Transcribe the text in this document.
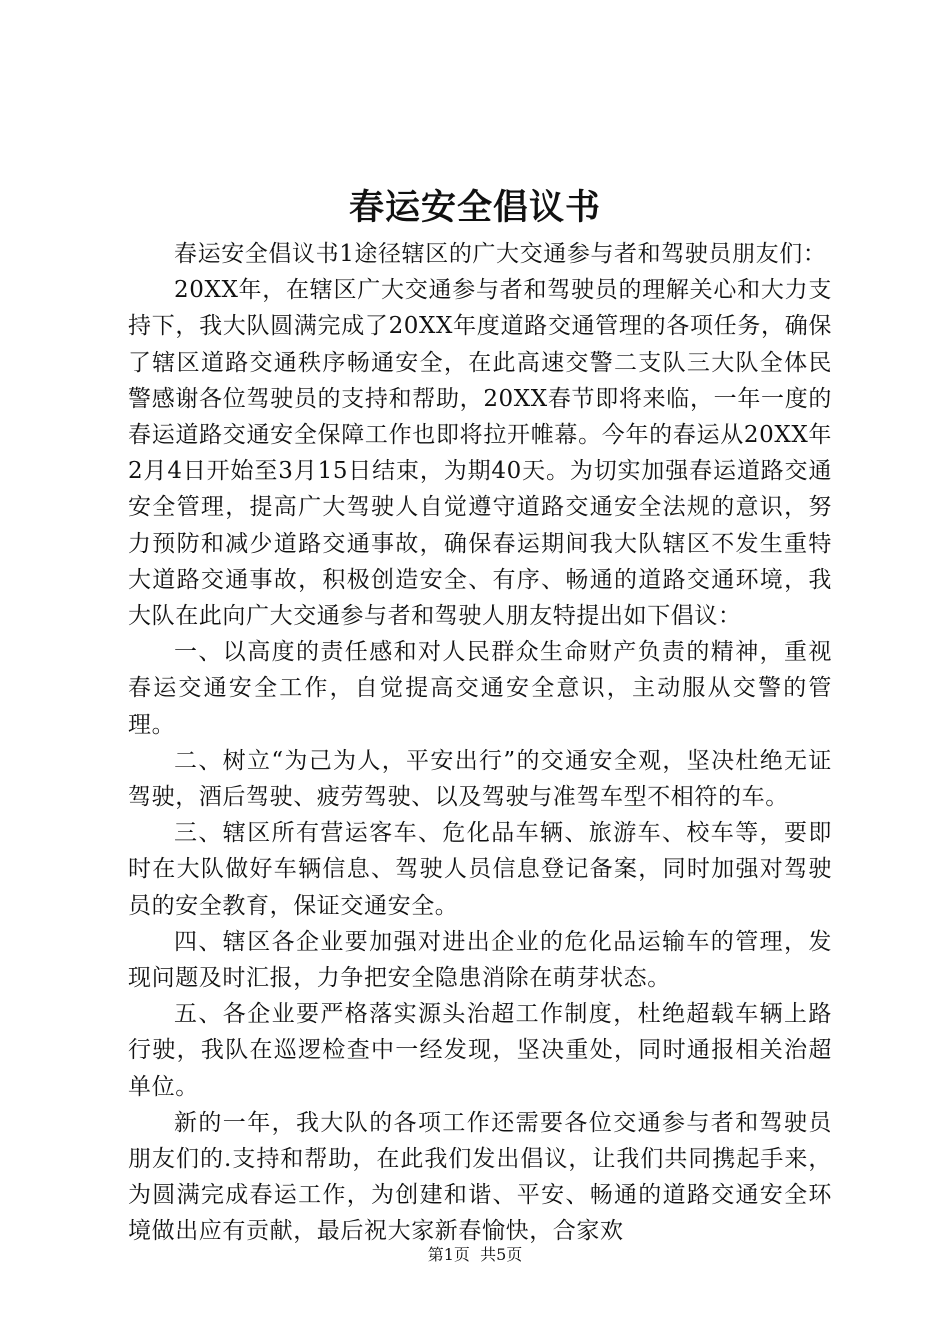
春运安全倡议书

春运安全倡议书1途径辖区的广大交通参与者和驾驶员朋友们：

20XX年，在辖区广大交通参与者和驾驶员的理解关心和大力支持下，我大队圆满完成了20XX年度道路交通管理的各项任务，确保了辖区道路交通秩序畅通安全，在此高速交警二支队三大队全体民警感谢各位驾驶员的支持和帮助，20XX春节即将来临，一年一度的春运道路交通安全保障工作也即将拉开帷幕。今年的春运从20XX年2月4日开始至3月15日结束，为期40天。为切实加强春运道路交通安全管理，提高广大驾驶人自觉遵守道路交通安全法规的意识，努力预防和减少道路交通事故，确保春运期间我大队辖区不发生重特大道路交通事故，积极创造安全、有序、畅通的道路交通环境，我大队在此向广大交通参与者和驾驶人朋友特提出如下倡议：

一、以高度的责任感和对人民群众生命财产负责的精神，重视春运交通安全工作，自觉提高交通安全意识，主动服从交警的管理。

二、树立“为己为人，平安出行”的交通安全观，坚决杜绝无证驾驶，酒后驾驶、疲劳驾驶、以及驾驶与准驾车型不相符的车。

三、辖区所有营运客车、危化品车辆、旅游车、校车等，要即时在大队做好车辆信息、驾驶人员信息登记备案，同时加强对驾驶员的安全教育，保证交通安全。

四、辖区各企业要加强对进出企业的危化品运输车的管理，发现问题及时汇报，力争把安全隐患消除在萌芽状态。

五、各企业要严格落实源头治超工作制度，杜绝超载车辆上路行驶，我队在巡逻检查中一经发现，坚决重处，同时通报相关治超单位。

新的一年，我大队的各项工作还需要各位交通参与者和驾驶员朋友们的.支持和帮助，在此我们发出倡议，让我们共同携起手来，为圆满完成春运工作，为创建和谐、平安、畅通的道路交通安全环境做出应有贡献，最后祝大家新春愉快，合家欢

第1页 共5页
